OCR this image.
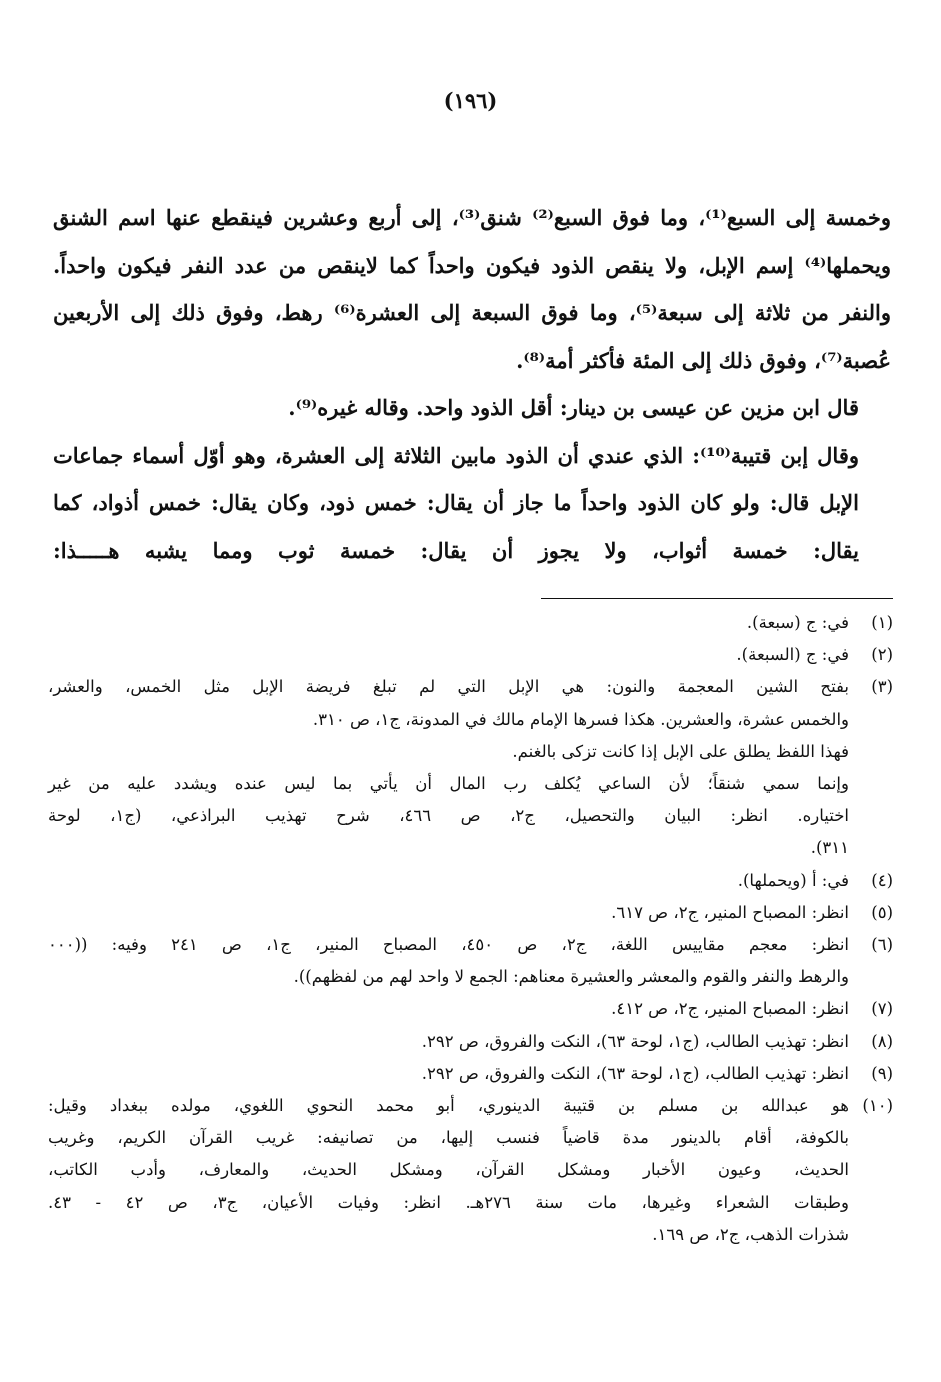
(١٩٦)

وخمسة إلى السبع⁽¹⁾، وما فوق السبع⁽²⁾ شنق⁽³⁾، إلى أربع وعشرين فينقطع عنها اسم الشنق ويحملها⁽⁴⁾ إسم الإبل، ولا ينقص الذود فيكون واحداً كما لاينقص من عدد النفر فيكون واحداً. والنفر من ثلاثة إلى سبعة⁽⁵⁾، وما فوق السبعة إلى العشرة⁽⁶⁾ رهط، وفوق ذلك إلى الأربعين عُصبة⁽⁷⁾، وفوق ذلك إلى المئة فأكثر أمة⁽⁸⁾.

قال ابن مزين عن عيسى بن دينار: أقل الذود واحد. وقاله غيره⁽⁹⁾.

وقال إبن قتيبة⁽¹⁰⁾: الذي عندي أن الذود مابين الثلاثة إلى العشرة، وهو أوّل أسماء جماعات الإبل قال: ولو كان الذود واحداً ما جاز أن يقال: خمس ذود، وكان يقال: خمس أذواد، كما يقال: خمسة أثواب، ولا يجوز أن يقال: خمسة ثوب ومما يشبه هـــــذا:

(١)
في: ج (سبعة).
(٢)
في: ج (السبعة).
(٣)
بفتح الشين المعجمة والنون: هي الإبل التي لم تبلغ فريضة الإبل مثل الخمس، والعشر،
والخمس عشرة، والعشرين. هكذا فسرها الإمام مالك في المدونة، ج١، ص ٣١٠.
فهذا اللفظ يطلق على الإبل إذا كانت تزكى بالغنم.
وإنما سمي شنقاً؛ لأن الساعي يُكلف رب المال أن يأتي بما ليس عنده ويشدد عليه من غير
اختياره. انظر: البيان والتحصيل، ج٢، ص ٤٦٦، شرح تهذيب البراذعي، (ج١، لوحة
٣١١).
(٤)
في: أ (ويحملها).
(٥)
انظر: المصباح المنير، ج٢، ص ٦١٧.
(٦)
انظر: معجم مقاييس اللغة، ج٢، ص ٤٥٠، المصباح المنير، ج١، ص ٢٤١ وفيه: ((٠٠٠
والرهط والنفر والقوم والمعشر والعشيرة معناهم: الجمع لا واحد لهم من لفظهم)).
(٧)
انظر: المصباح المنير، ج٢، ص ٤١٢.
(٨)
انظر: تهذيب الطالب، (ج١، لوحة ٦٣)، النكت والفروق، ص ٢٩٢.
(٩)
انظر: تهذيب الطالب، (ج١، لوحة ٦٣)، النكت والفروق، ص ٢٩٢.
(١٠)
هو عبدالله بن مسلم بن قتيبة الدينوري، أبو محمد النحوي اللغوي، مولده ببغداد وقيل:
بالكوفة، أقام بالدينور مدة قاضياً فنسب إليها، من تصانيفه: غريب القرآن الكريم، وغريب
الحديث، وعيون الأخبار ومشكل القرآن، ومشكل الحديث، والمعارف، وأدب الكاتب،
وطبقات الشعراء وغيرها، مات سنة ٢٧٦هـ. انظر: وفيات الأعيان، ج٣، ص ٤٢ - ٤٣.
شذرات الذهب، ج٢، ص ١٦٩.
